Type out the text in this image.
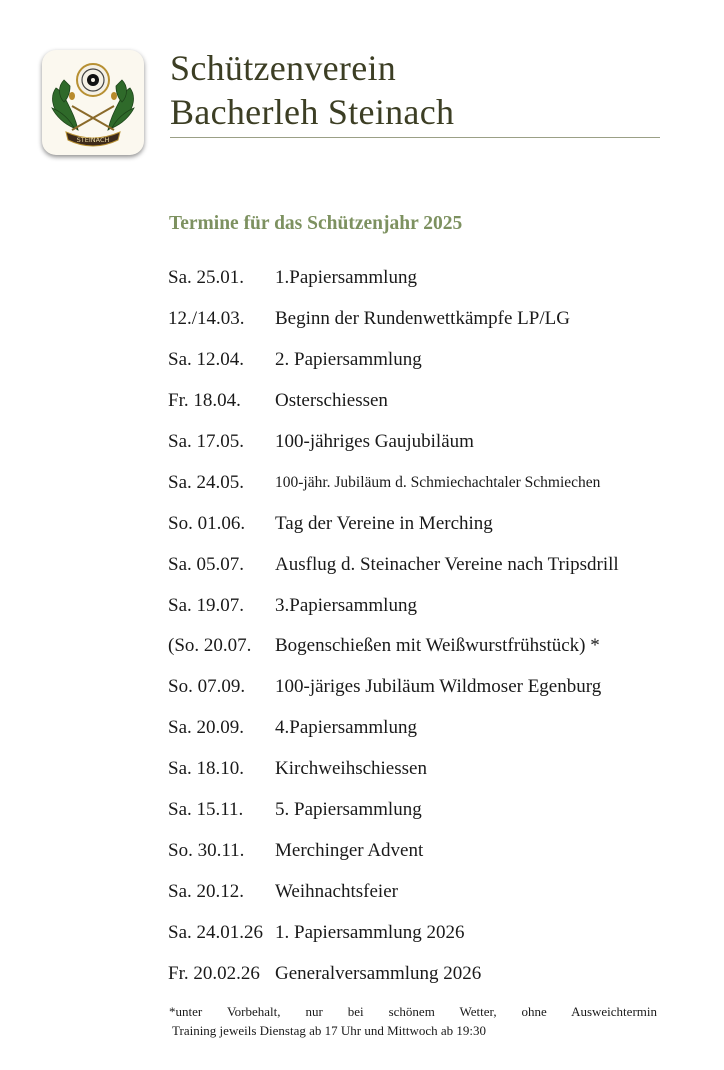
STEINACH
Schützenverein
Bacherleh Steinach
Termine für das Schützenjahr 2025
Sa. 25.01.	1.Papiersammlung
12./14.03.	Beginn der Rundenwettkämpfe LP/LG
Sa. 12.04.	2. Papiersammlung
Fr. 18.04.	Osterschiessen
Sa. 17.05.	100-jähriges Gaujubiläum
Sa. 24.05.	100-jähr. Jubiläum d. Schmiechachtaler Schmiechen
So. 01.06.	Tag der Vereine in Merching
Sa. 05.07.	Ausflug d. Steinacher Vereine nach Tripsdrill
Sa. 19.07.	3.Papiersammlung
(So. 20.07.	Bogenschießen mit Weißwurstfrühstück) *
So. 07.09.	100-järiges Jubiläum Wildmoser Egenburg
Sa. 20.09.	4.Papiersammlung
Sa. 18.10.	Kirchweihschiessen
Sa. 15.11.	5. Papiersammlung
So. 30.11.	Merchinger Advent
Sa. 20.12.	Weihnachtsfeier
Sa. 24.01.26 1. Papiersammlung 2026
Fr. 20.02.26 Generalversammlung 2026
*unter Vorbehalt, nur bei schönem Wetter, ohne Ausweichtermin
Training jeweils Dienstag ab 17 Uhr und Mittwoch ab 19:30
